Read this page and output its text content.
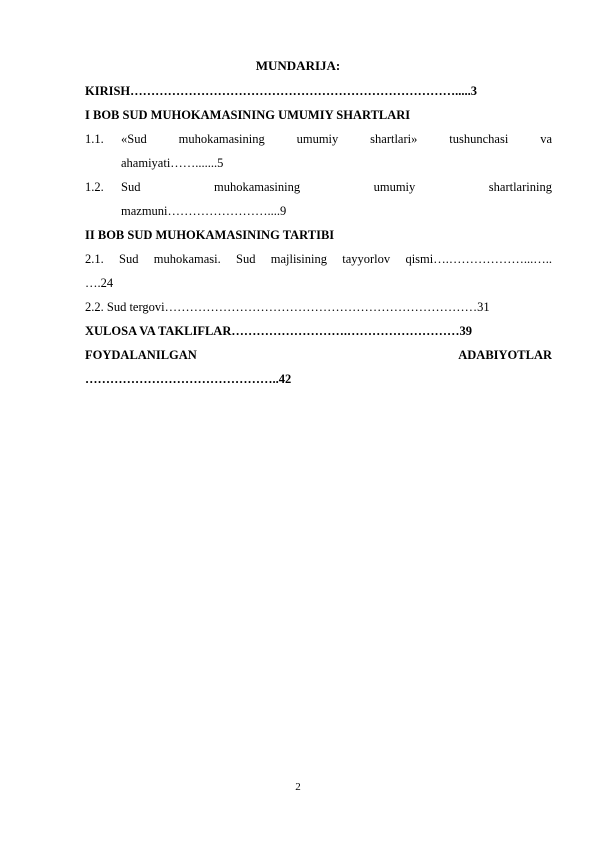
MUNDARIJA:
KIRISH…………………………………………………………………….....3
I BOB SUD MUHOKAMASINING UMUMIY SHARTLARI
1.1. «Sud	muhokamasining	umumiy	shartlari»	tushunchasi	va
ahamiyati…….......5
1.2. Sud	muhokamasining	umumiy	shartlarining
mazmuni……………………....9
II BOB SUD MUHOKAMASINING TARTIBI
2.1. Sud muhokamasi. Sud majlisining tayyorlov qismi….………………...…..
….24
2.2. Sud tergovi…………………………………………………………………31
XULOSA VA TAKLIFLAR……………………….………………………39
FOYDALANILGAN	ADABIYOTLAR
………………………………………..42
2
